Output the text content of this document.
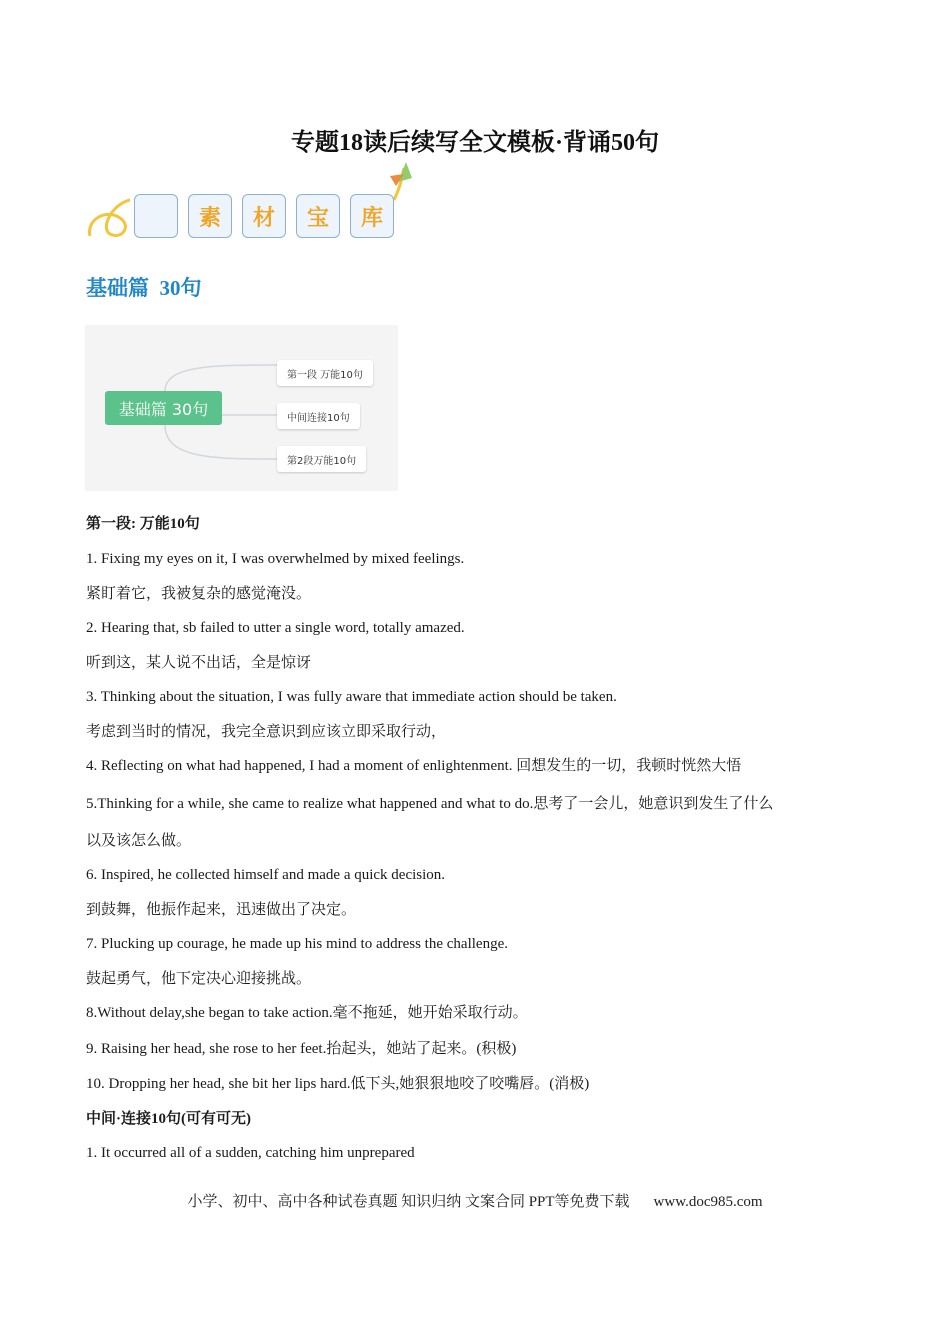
专题18读后续写全文模板·背诵50句
素	材	宝	库
基础篇  30句
基础篇 30句
第一段 万能10句
中间连接10句
第2段万能10句
第一段: 万能10句
1. Fixing my eyes on it, I was overwhelmed by mixed feelings.
紧盯着它，我被复杂的感觉淹没。
2. Hearing that, sb failed to utter a single word, totally amazed.
听到这，某人说不出话，全是惊讶
3. Thinking about the situation, I was fully aware that immediate action should be taken.
考虑到当时的情况，我完全意识到应该立即采取行动，
4. Reflecting on what had happened, I had a moment of enlightenment. 回想发生的一切，我顿时恍然大悟
5.Thinking for a while, she came to realize what happened and what to do.思考了一会儿，她意识到发生了什么
以及该怎么做。
6. Inspired, he collected himself and made a quick decision.
到鼓舞，他振作起来，迅速做出了决定。
7. Plucking up courage, he made up his mind to address the challenge.
鼓起勇气，他下定决心迎接挑战。
8.Without delay,she began to take action.毫不拖延，她开始采取行动。
9. Raising her head, she rose to her feet.抬起头，她站了起来。(积极)
10. Dropping her head, she bit her lips hard.低下头,她狠狠地咬了咬嘴唇。(消极)
中间·连接10句(可有可无)
1. It occurred all of a sudden, catching him unprepared
小学、初中、高中各种试卷真题 知识归纳 文案合同 PPT等免费下载 www.doc985.com
